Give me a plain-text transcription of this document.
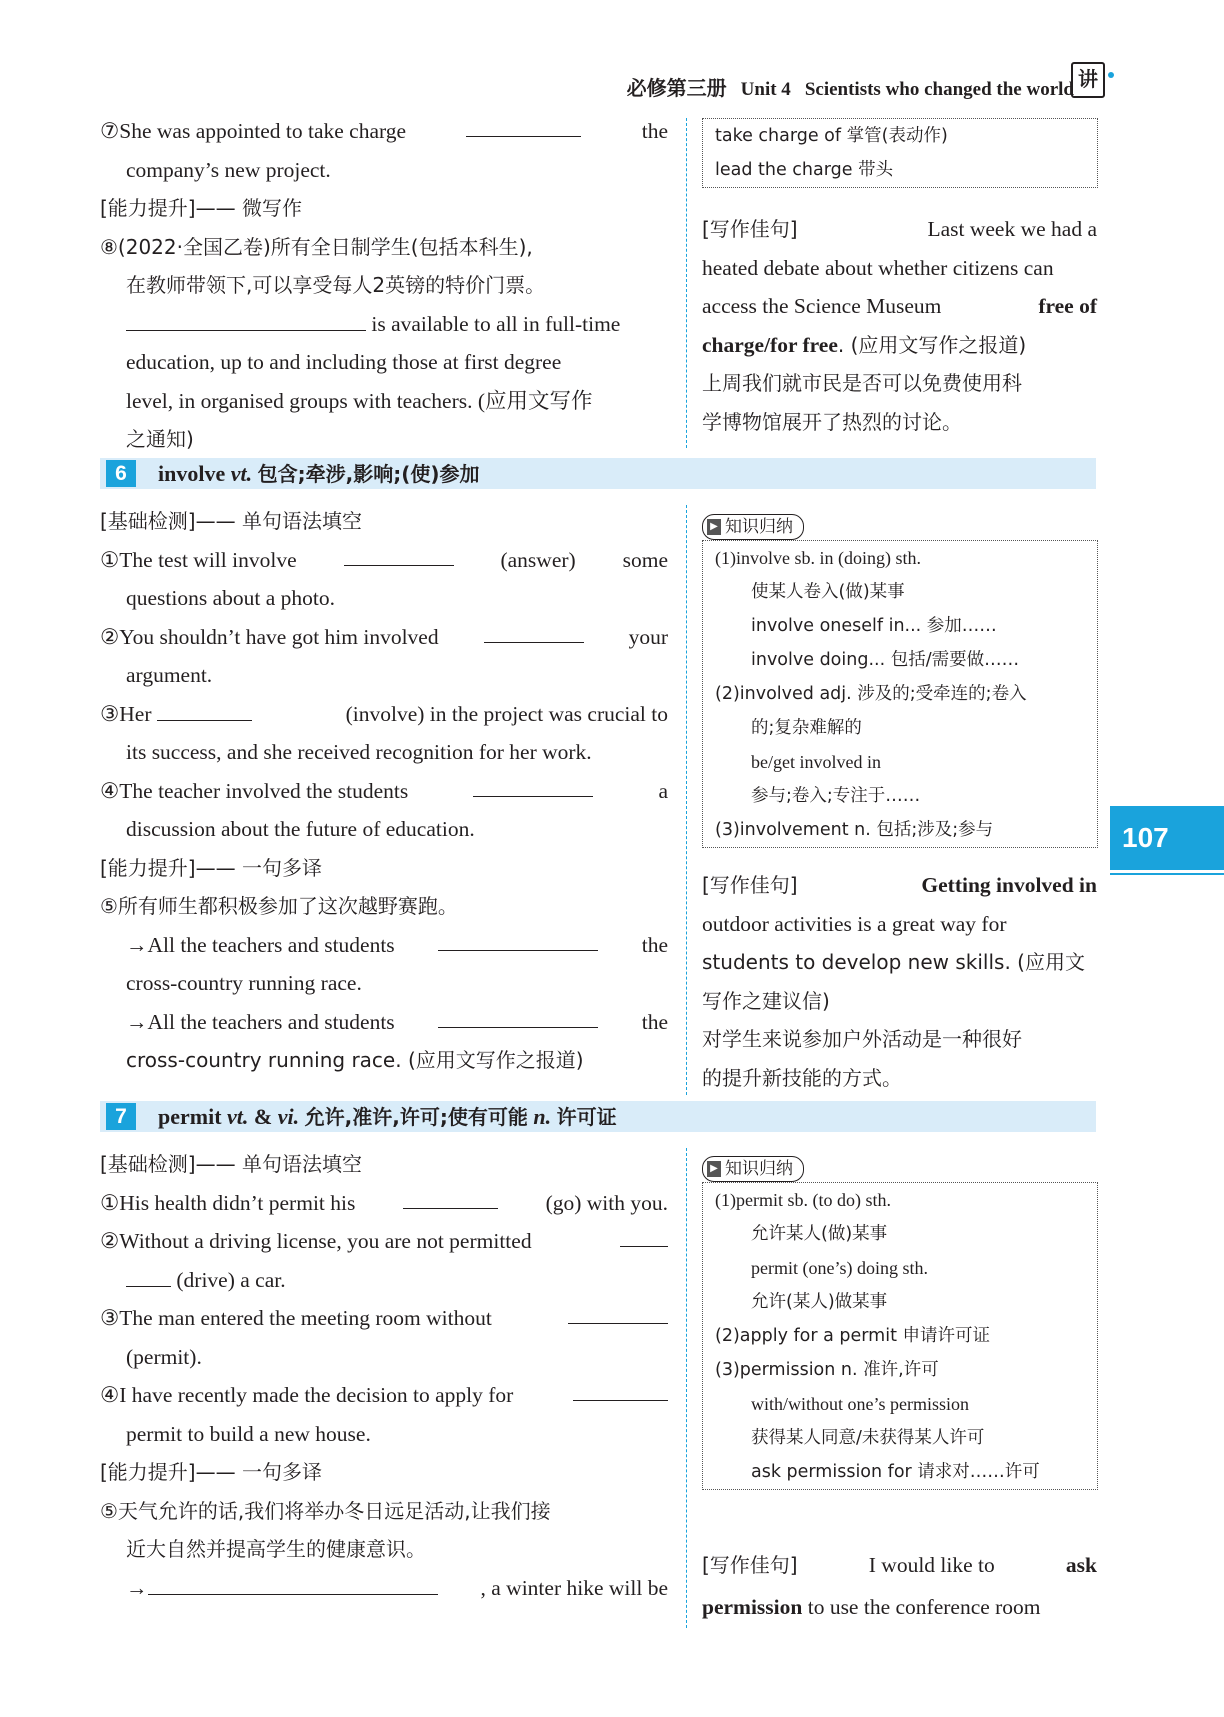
必修第三册 Unit 4 Scientists who changed the world 讲
⑦She was appointed to take charge	the
company’s new project.
[能力提升]—— 微写作
⑧(2022·全国乙卷)所有全日制学生(包括本科生),
在教师带领下,可以享受每人2英镑的特价门票。
is available to all in full-time
education, up to and including those at first degree
level, in organised groups with teachers. (应用文写作
之通知)
take charge of 掌管(表动作)
lead the charge 带头
[写作佳句]	Last week we had a
heated debate about whether citizens can
access the Science Museum	free of
charge/for free. (应用文写作之报道)
上周我们就市民是否可以免费使用科
学博物馆展开了热烈的讨论。
6	involve vt. 包含;牵涉,影响;(使)参加
[基础检测]—— 单句语法填空
①The test will involve	(answer) some
questions about a photo.
②You shouldn’t have got him involved	your
argument.
③Her	(involve) in the project was crucial to
its success, and she received recognition for her work.
④The teacher involved the students	a
discussion about the future of education.
[能力提升]—— 一句多译
⑤所有师生都积极参加了这次越野赛跑。
→All the teachers and students	the
cross-country running race.
→All the teachers and students	the
cross-country running race. (应用文写作之报道)
▶ 知识归纳
(1)involve sb. in (doing) sth.
使某人卷入(做)某事
involve oneself in... 参加……
involve doing... 包括/需要做……
(2)involved adj. 涉及的;受牵连的;卷入
的;复杂难解的
be/get involved in
参与;卷入;专注于……
(3)involvement n. 包括;涉及;参与
[写作佳句]	Getting involved in
outdoor activities is a great way for
students to develop new skills. (应用文
写作之建议信)
对学生来说参加户外活动是一种很好
的提升新技能的方式。
107
7	permit vt. & vi. 允许,准许,许可;使有可能 n. 许可证
[基础检测]—— 单句语法填空
①His health didn’t permit his	(go) with you.
②Without a driving license, you are not permitted
(drive) a car.
③The man entered the meeting room without
(permit).
④I have recently made the decision to apply for
permit to build a new house.
[能力提升]—— 一句多译
⑤天气允许的话,我们将举办冬日远足活动,让我们接
近大自然并提高学生的健康意识。
→	, a winter hike will be
▶ 知识归纳
(1)permit sb. (to do) sth.
允许某人(做)某事
permit (one’s) doing sth.
允许(某人)做某事
(2)apply for a permit 申请许可证
(3)permission n. 准许,许可
with/without one’s permission
获得某人同意/未获得某人许可
ask permission for 请求对……许可
[写作佳句]	I would like to	ask
permission to use the conference room
